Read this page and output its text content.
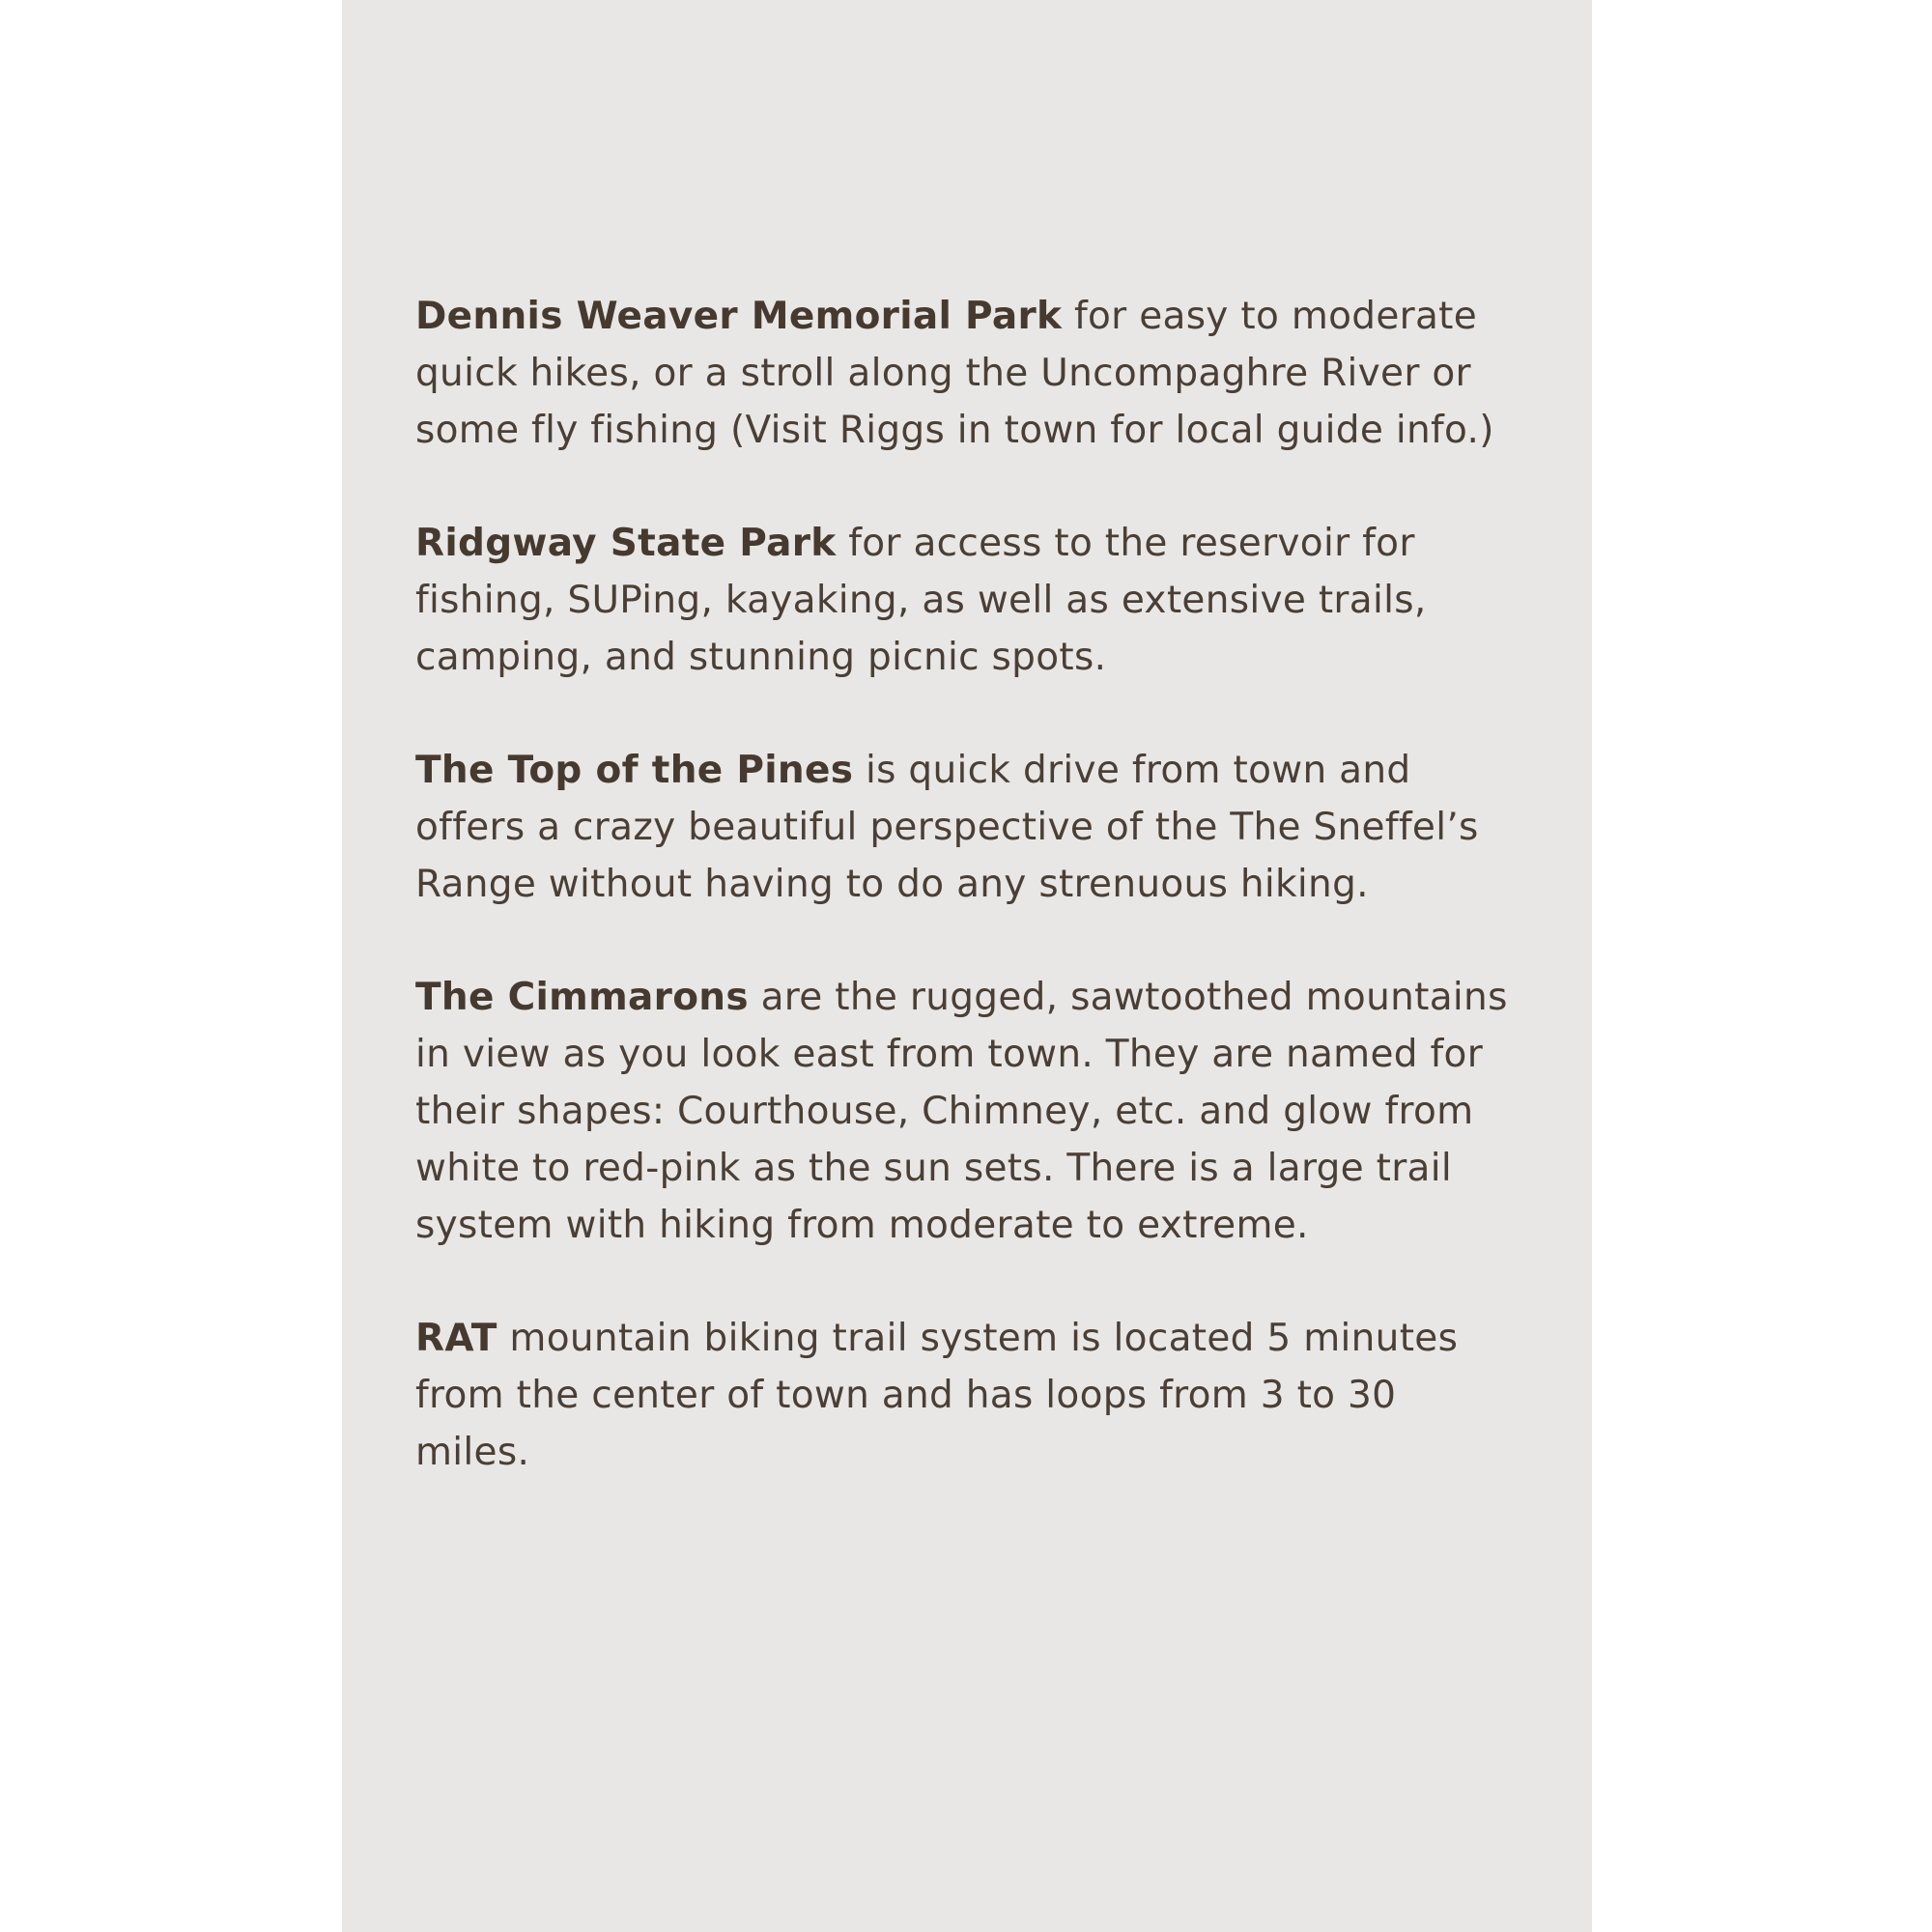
Dennis Weaver Memorial Park for easy to moderate quick hikes, or a stroll along the Uncompaghre River or some fly fishing (Visit Riggs in town for local guide info.)

Ridgway State Park for access to the reservoir for fishing, SUPing, kayaking, as well as extensive trails, camping, and stunning picnic spots.

The Top of the Pines is quick drive from town and offers a crazy beautiful perspective of the The Sneffel’s Range without having to do any strenuous hiking.

The Cimmarons are the rugged, sawtoothed mountains in view as you look east from town. They are named for their shapes: Courthouse, Chimney, etc. and glow from white to red-pink as the sun sets. There is a large trail system with hiking from moderate to extreme.

RAT mountain biking trail system is located 5 minutes from the center of town and has loops from 3 to 30 miles.
